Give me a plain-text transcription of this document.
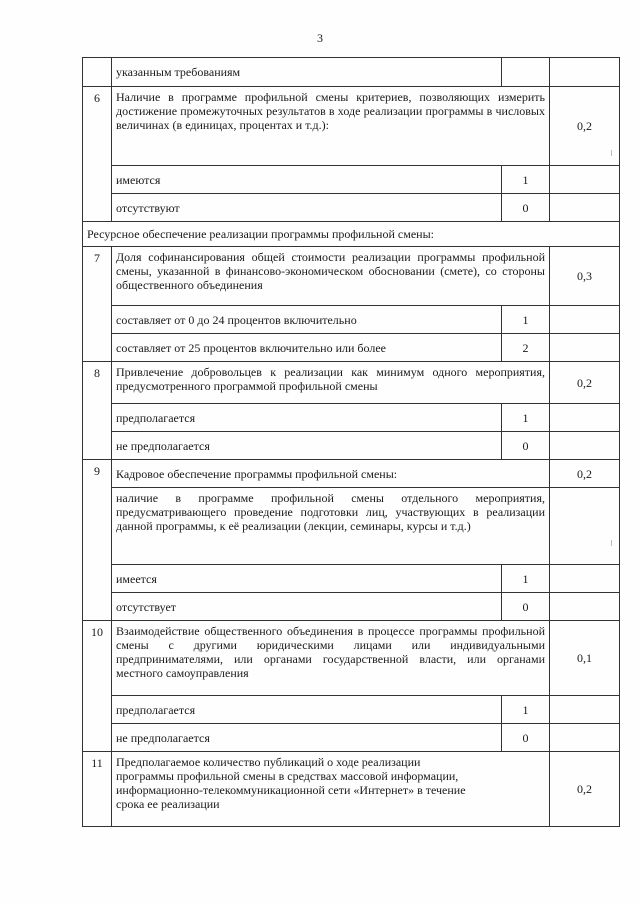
3
	указанным требованиям		
6	Наличие в программе профильной смены критериев, позволяющих измерить достижение промежуточных результатов в ходе реализации программы в числовых величинах (в единицах, процентах и т.д.):		0,2
	имеются	1	
	отсутствуют	0	
Ресурсное обеспечение реализации программы профильной смены:			
7	Доля софинансирования общей стоимости реализации программы профильной смены, указанной в финансово-экономическом обосновании (смете), со стороны общественного объединения		0,3
	составляет от 0 до 24 процентов включительно	1	
	составляет от 25 процентов включительно или более	2	
8	Привлечение добровольцев к реализации как минимум одного мероприятия, предусмотренного программой профильной смены		0,2
	предполагается	1	
	не предполагается	0	
9	Кадровое обеспечение программы профильной смены:		0,2
	наличие в программе профильной смены отдельного мероприятия, предусматривающего проведение подготовки лиц, участвующих в реализации данной программы, к её реализации (лекции, семинары, курсы и т.д.)		
	имеется	1	
	отсутствует	0	
10	Взаимодействие общественного объединения в процессе программы профильной смены с другими юридическими лицами или индивидуальными предпринимателями, или органами государственной власти, или органами местного самоуправления		0,1
	предполагается	1	
	не предполагается	0	
11	Предполагаемое количество публикаций о ходе реализации программы профильной смены в средствах массовой информации, информационно-телекоммуникационной сети «Интернет» в течение срока ее реализации		0,2
